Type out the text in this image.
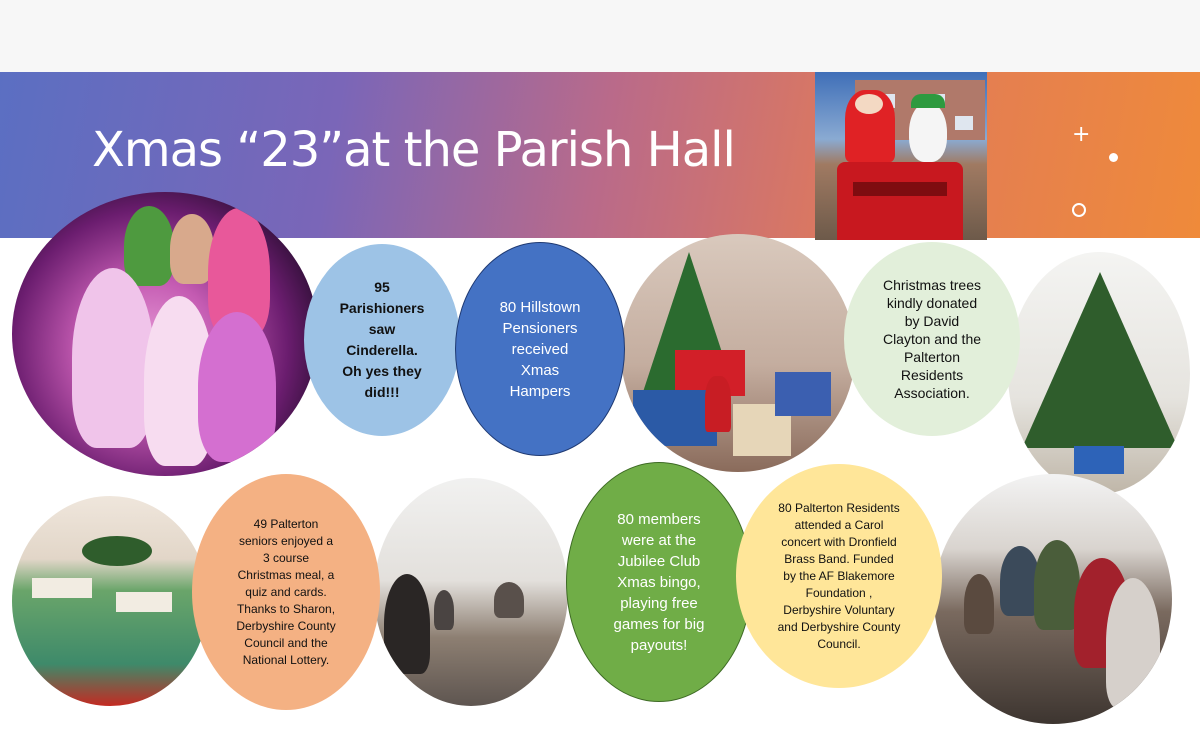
Xmas “23”at the Parish Hall	+
95
Parishioners
saw
Cinderella.
Oh yes they
did!!!
80 Hillstown
Pensioners
received
Xmas
Hampers
Christmas trees
kindly donated
by David
Clayton and the
Palterton
Residents
Association.
49 Palterton
seniors enjoyed a
3 course
Christmas meal, a
quiz and cards.
Thanks to Sharon,
Derbyshire County
Council and the
National Lottery.
80 members
were at the
Jubilee Club
Xmas bingo,
playing free
games for big
payouts!
80 Palterton Residents
attended a Carol
concert with Dronfield
Brass Band. Funded
by the AF Blakemore
Foundation ,
Derbyshire Voluntary
and Derbyshire County
Council.
